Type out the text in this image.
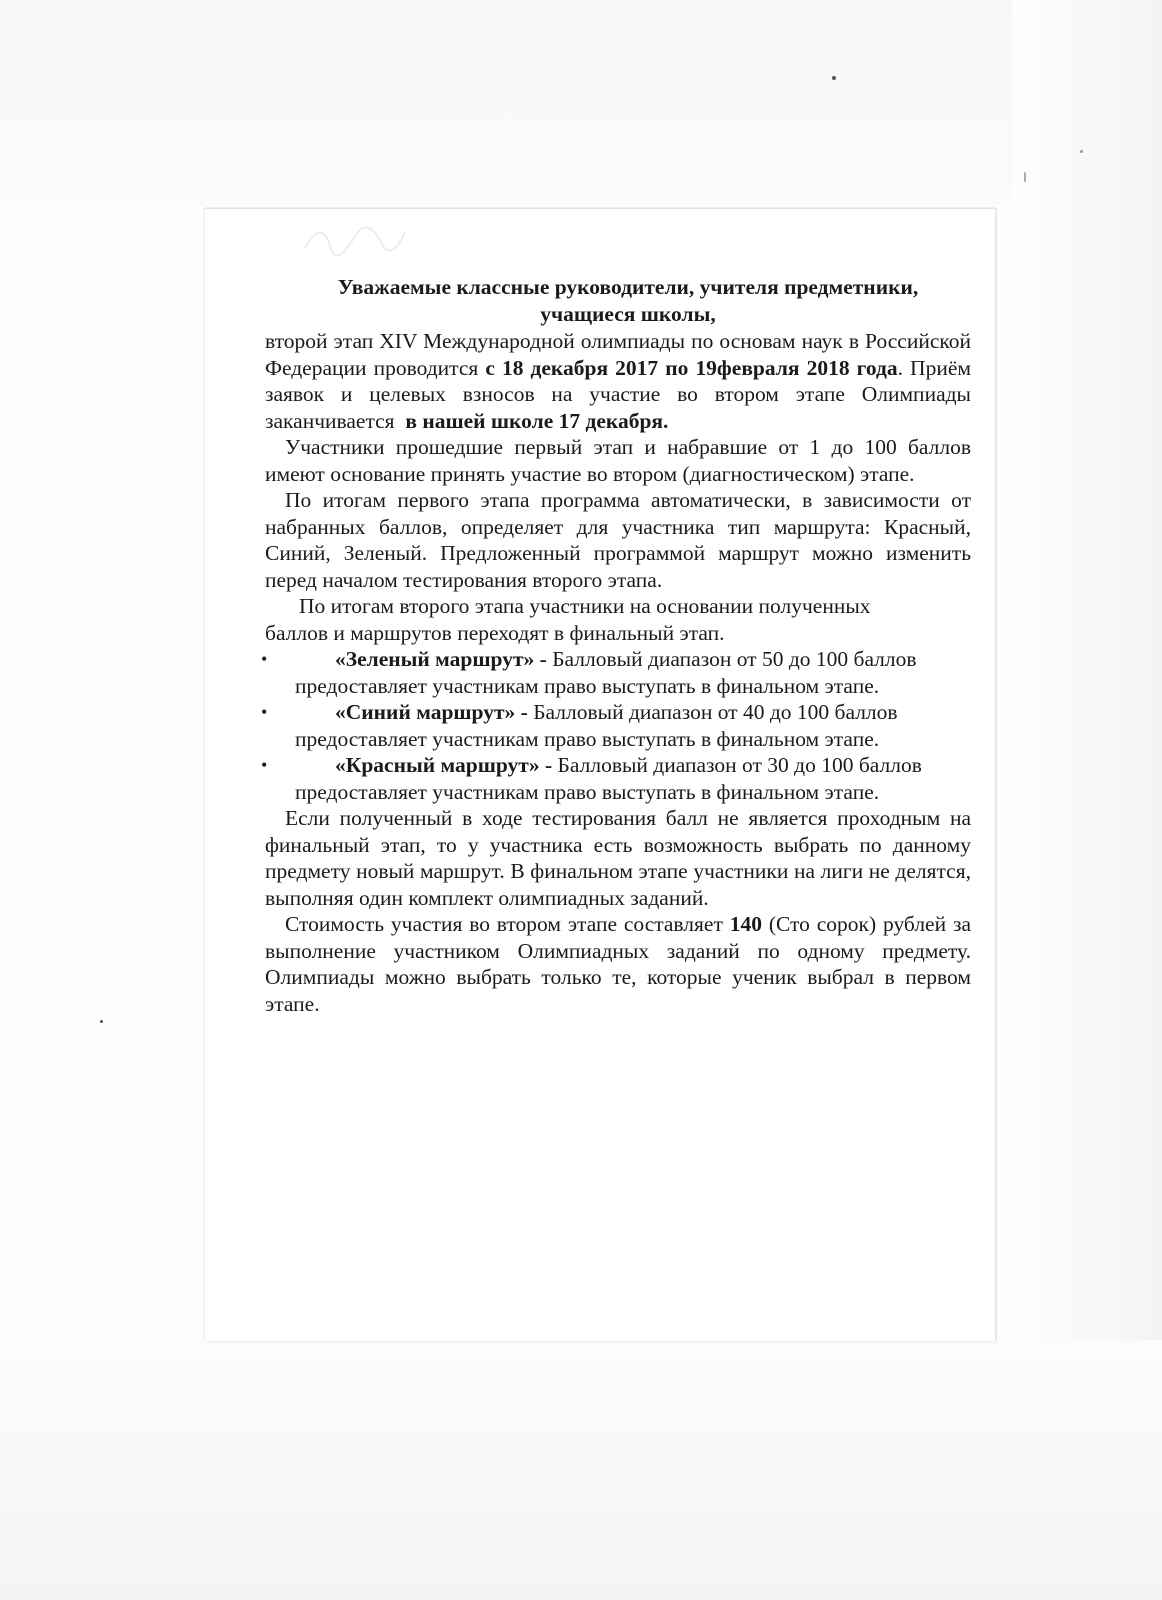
Уважаемые классные руководители, учителя предметники,
учащиеся школы,

второй этап XIV Международной олимпиады по основам наук в Российской Федерации проводится с 18 декабря 2017 по 19февраля 2018 года. Приём заявок и целевых взносов на участие во втором этапе Олимпиады заканчивается  в нашей школе 17 декабря.

Участники прошедшие первый этап и набравшие от 1 до 100 баллов имеют основание принять участие во втором (диагностическом) этапе.

По итогам первого этапа программа автоматически, в зависимости от набранных баллов, определяет для участника тип маршрута: Красный, Синий, Зеленый. Предложенный программой маршрут можно изменить перед началом тестирования второго этапа.

По итогам второго этапа участники на основании полученных баллов и маршрутов переходят в финальный этап.

•	«Зеленый маршрут» - Балловый диапазон от 50 до 100 баллов
предоставляет участникам право выступать в финальном этапе.
•	«Синий маршрут» - Балловый диапазон от 40 до 100 баллов
предоставляет участникам право выступать в финальном этапе.
•	«Красный маршрут» - Балловый диапазон от 30 до 100 баллов
предоставляет участникам право выступать в финальном этапе.

Если полученный в ходе тестирования балл не является проходным на финальный этап, то у участника есть возможность выбрать по данному предмету новый маршрут. В финальном этапе участники на лиги не делятся, выполняя один комплект олимпиадных заданий.

Стоимость участия во втором этапе составляет 140 (Сто сорок) рублей за выполнение участником Олимпиадных заданий по одному предмету. Олимпиады можно выбрать только те, которые ученик выбрал в первом этапе.
